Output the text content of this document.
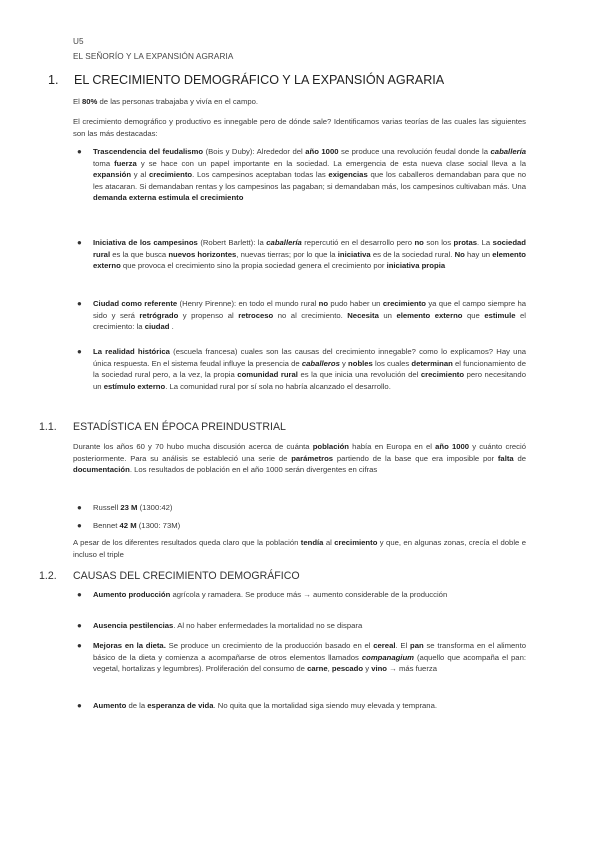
U5
EL SEÑORÍO Y LA EXPANSIÓN AGRARIA
1. EL CRECIMIENTO DEMOGRÁFICO Y LA EXPANSIÓN AGRARIA
El 80% de las personas trabajaba y vivía en el campo.
El crecimiento demográfico y productivo es innegable pero de dónde sale? Identificamos varias teorías de las cuales las siguientes son las más destacadas:
● Trascendencia del feudalismo (Bois y Duby): Alrededor del año 1000 se produce una revolución feudal donde la caballería toma fuerza y se hace con un papel importante en la sociedad. La emergencia de esta nueva clase social lleva a la expansión y al crecimiento. Los campesinos aceptaban todas las exigencias que los caballeros demandaban para que no les atacaran. Si demandaban rentas y los campesinos las pagaban; si demandaban más, los campesinos cultivaban más. Una demanda externa estimula el crecimiento
● Iniciativa de los campesinos (Robert Barlett): la caballería repercutió en el desarrollo pero no son los protas. La sociedad rural es la que busca nuevos horizontes, nuevas tierras; por lo que la iniciativa es de la sociedad rural. No hay un elemento externo que provoca el crecimiento sino la propia sociedad genera el crecimiento por iniciativa propia
● Ciudad como referente (Henry Pirenne): en todo el mundo rural no pudo haber un crecimiento ya que el campo siempre ha sido y será retrógrado y propenso al retroceso no al crecimiento. Necesita un elemento externo que estimule el crecimiento: la ciudad .
● La realidad histórica (escuela francesa) cuales son las causas del crecimiento innegable? como lo explicamos? Hay una única respuesta. En el sistema feudal influye la presencia de caballeros y nobles los cuales determinan el funcionamiento de la sociedad rural pero, a la vez, la propia comunidad rural es la que inicia una revolución del crecimiento pero necesitando un estímulo externo. La comunidad rural por sí sola no habría alcanzado el desarrollo.
1.1. ESTADÍSTICA EN ÉPOCA PREINDUSTRIAL
Durante los años 60 y 70 hubo mucha discusión acerca de cuánta población había en Europa en el año 1000 y cuánto creció posteriormente. Para su análisis se estableció una serie de parámetros partiendo de la base que era imposible por falta de documentación. Los resultados de población en el año 1000 serán divergentes en cifras
● Russell 23 M (1300:42)
● Bennet 42 M (1300: 73M)
A pesar de los diferentes resultados queda claro que la población tendía al crecimiento y que, en algunas zonas, crecía el doble e incluso el triple
1.2. CAUSAS DEL CRECIMIENTO DEMOGRÁFICO
● Aumento producción agrícola y ramadera. Se produce más → aumento considerable de la producción
● Ausencia pestilencias. Al no haber enfermedades la mortalidad no se dispara
● Mejoras en la dieta. Se produce un crecimiento de la producción basado en el cereal. El pan se transforma en el alimento básico de la dieta y comienza a acompañarse de otros elementos llamados companagium (aquello que acompaña el pan: vegetal, hortalizas y legumbres). Proliferación del consumo de carne, pescado y vino → más fuerza
● Aumento de la esperanza de vida. No quita que la mortalidad siga siendo muy elevada y temprana.
